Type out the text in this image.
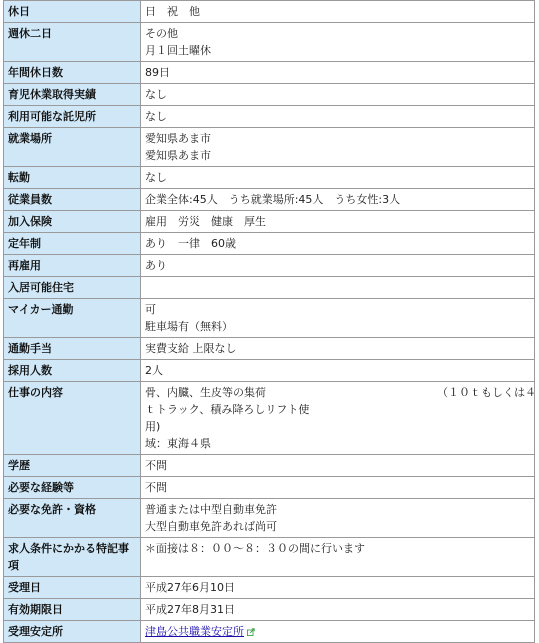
休日	日　祝　他

週休二日	その他
月１回土曜休

年間休日数	89日

育児休業取得実績	なし

利用可能な託児所	なし

就業場所	愛知県あま市
愛知県あま市

転勤	なし

従業員数	企業全体:45人　うち就業場所:45人　うち女性:3人

加入保険	雇用　労災　健康　厚生

定年制	あり　一律　60歳

再雇用	あり

入居可能住宅	

マイカー通勤	可
駐車場有（無料）

通勤手当	実費支給 上限なし

採用人数	2人

仕事の内容	骨、内臓、生皮等の集荷 （１０ｔもしくは４
ｔトラック、積み降ろしリフト使
用)
域：東海４県

学歴	不問

必要な経験等	不問

必要な免許・資格	普通または中型自動車免許
大型自動車免許あれば尚可

求人条件にかかる特記事項	＊面接は８：００～８：３０の間に行います

受理日	平成27年6月10日

有効期限日	平成27年8月31日

受理安定所	津島公共職業安定所
